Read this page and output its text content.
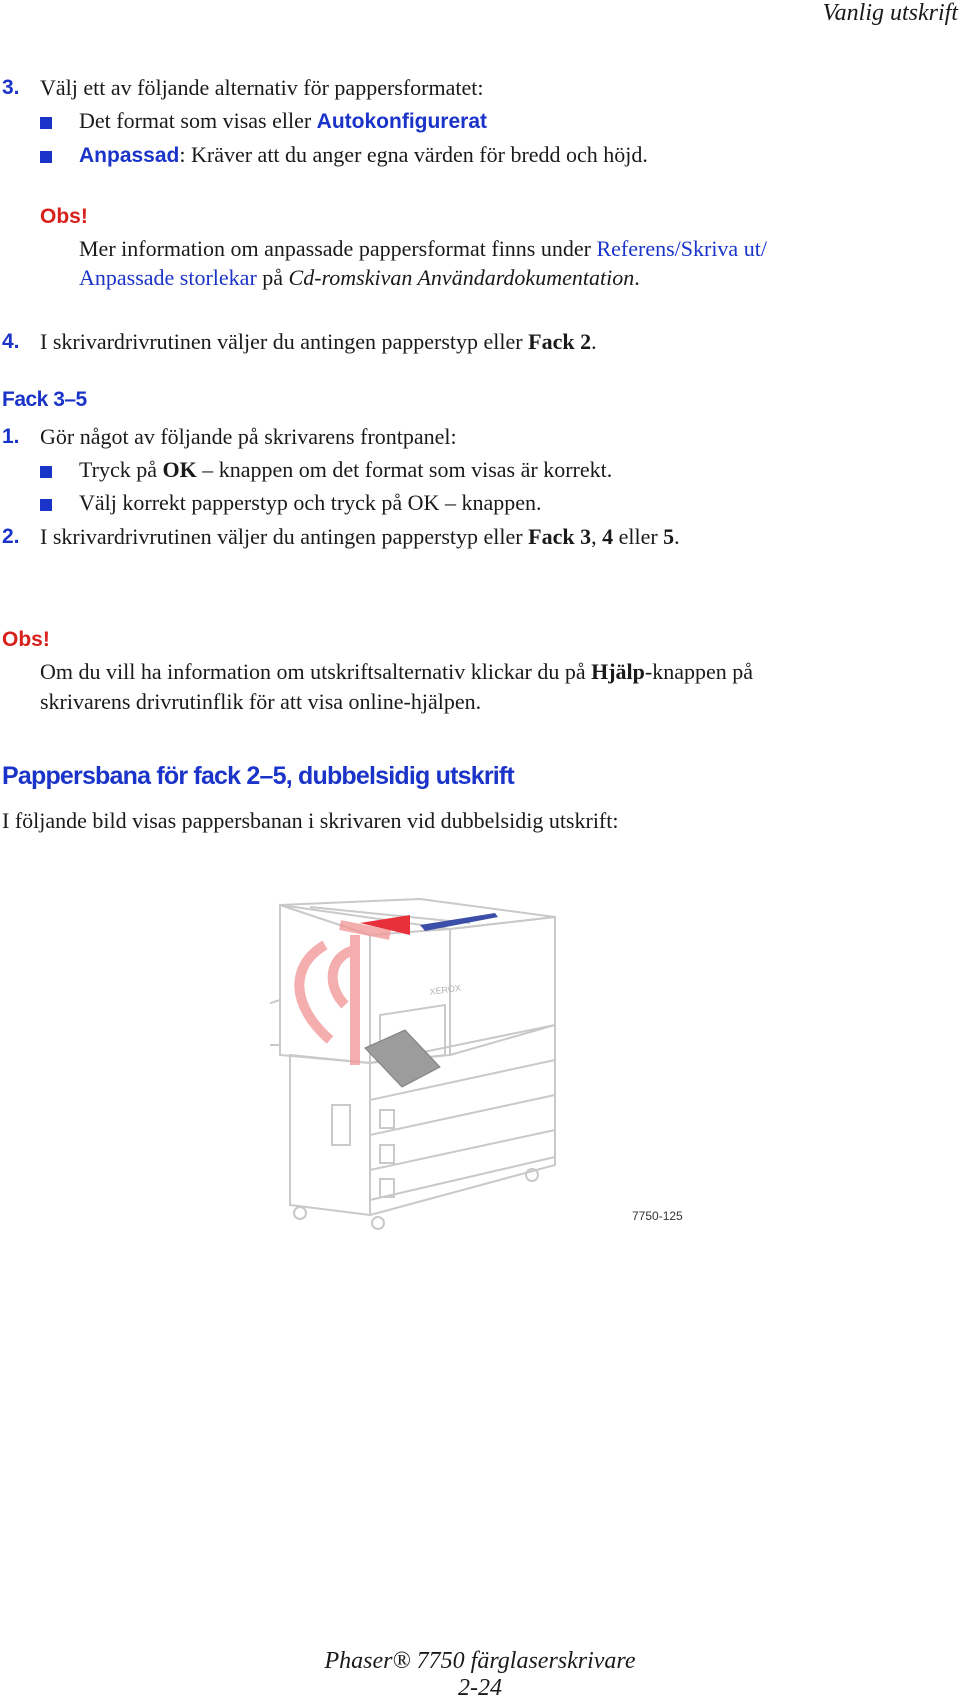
Vanlig utskrift
3. Välj ett av följande alternativ för pappersformatet:
Det format som visas eller Autokonfigurerat
Anpassad: Kräver att du anger egna värden för bredd och höjd.
Obs!
Mer information om anpassade pappersformat finns under Referens/Skriva ut/
Anpassade storlekar på Cd-romskivan Användardokumentation.
4. I skrivardrivrutinen väljer du antingen papperstyp eller Fack 2.
Fack 3–5
1. Gör något av följande på skrivarens frontpanel:
Tryck på OK – knappen om det format som visas är korrekt.
Välj korrekt papperstyp och tryck på OK – knappen.
2. I skrivardrivrutinen väljer du antingen papperstyp eller Fack 3, 4 eller 5.
Obs!
Om du vill ha information om utskriftsalternativ klickar du på Hjälp-knappen på
skrivarens drivrutinflik för att visa online-hjälpen.
Pappersbana för fack 2–5, dubbelsidig utskrift
I följande bild visas pappersbanan i skrivaren vid dubbelsidig utskrift:
XEROX
7750-125
Phaser® 7750 färglaserskrivare
2-24
